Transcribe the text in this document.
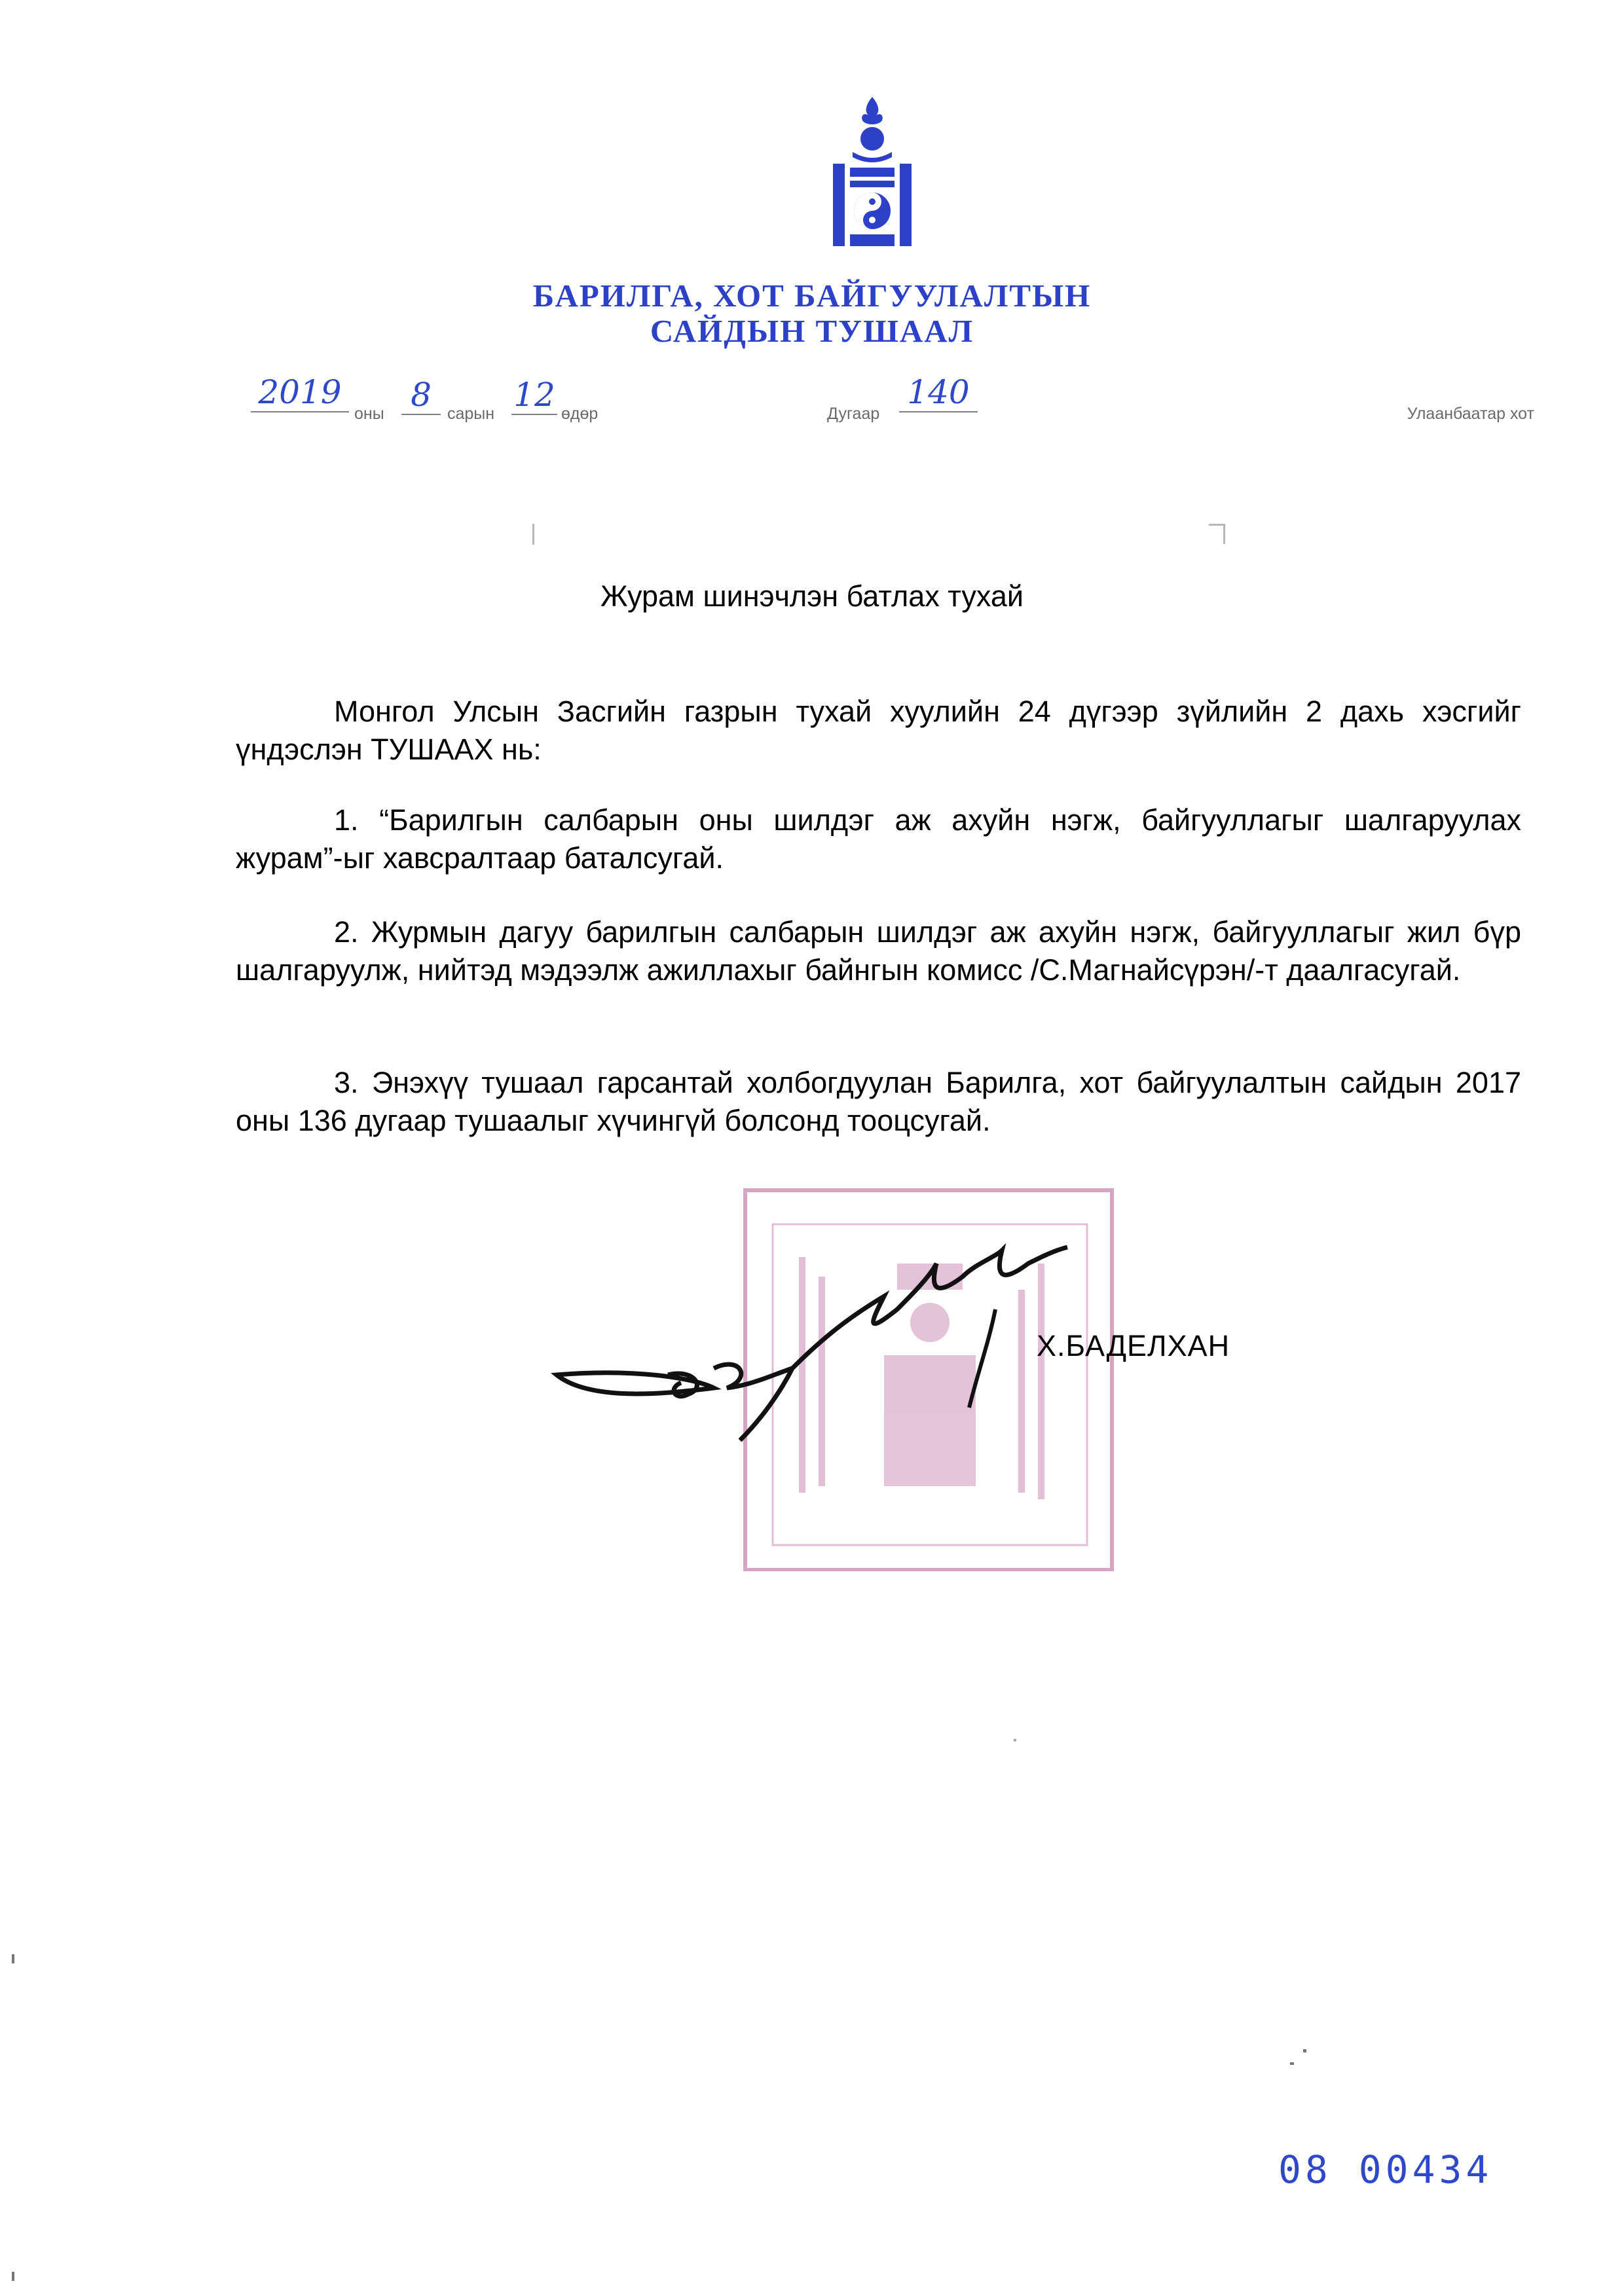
БАРИЛГА, ХОТ БАЙГУУЛАЛТЫН
САЙДЫН ТУШААЛ
2019
оны 8 сарын 12 өдөр	Дугаар
140
Улаанбаатар хот
Журам шинэчлэн батлах тухай

Монгол Улсын Засгийн газрын тухай хуулийн 24 дүгээр зүйлийн 2 дахь хэсгийг үндэслэн ТУШААХ нь:

1. “Барилгын салбарын оны шилдэг аж ахуйн нэгж, байгууллагыг шалгаруулах журам”-ыг хавсралтаар баталсугай.

2. Журмын дагуу барилгын салбарын шилдэг аж ахуйн нэгж, байгууллагыг жил бүр шалгаруулж, нийтэд мэдээлж ажиллахыг байнгын комисс /С.Магнайсүрэн/-т даалгасугай.

3. Энэхүү тушаал гарсантай холбогдуулан Барилга, хот байгуулалтын сайдын 2017 оны 136 дугаар тушаалыг хүчингүй болсонд тооцсугай.

Х.БАДЕЛХАН
08 00434
